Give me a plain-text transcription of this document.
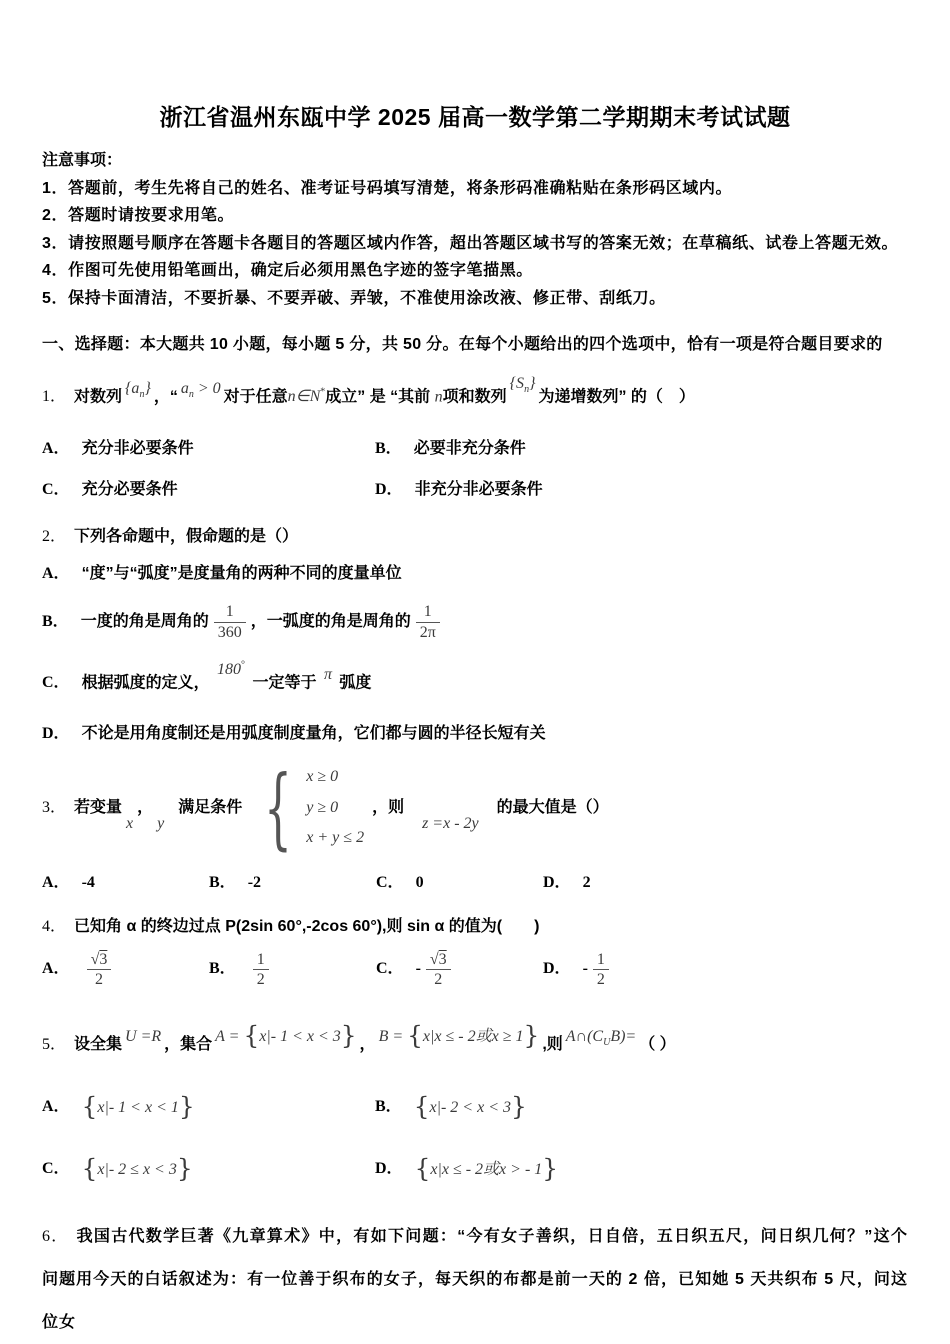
浙江省温州东瓯中学 2025 届高一数学第二学期期末考试试题
注意事项：
1．答题前，考生先将自己的姓名、准考证号码填写清楚，将条形码准确粘贴在条形码区域内。
2．答题时请按要求用笔。
3．请按照题号顺序在答题卡各题目的答题区域内作答，超出答题区域书写的答案无效；在草稿纸、试卷上答题无效。
4．作图可先使用铅笔画出，确定后必须用黑色字迹的签字笔描黑。
5．保持卡面清洁，不要折暴、不要弄破、弄皱，不准使用涂改液、修正带、刮纸刀。
一、选择题：本大题共 10 小题，每小题 5 分，共 50 分。在每个小题给出的四个选项中，恰有一项是符合题目要求的
1． 对数列 $\{a_n\}$ ，“ $a_n > 0$ 对于任意n∈N*成立” 是 “其前 n项和数列$\{S_n\}$为递增数列” 的（　）
A． 充分非必要条件	B． 必要非充分条件
C． 充分必要条件	D． 非充分非必要条件
2． 下列各命题中，假命题的是（）
A． “度”与“弧度”是度量角的两种不同的度量单位
B． 一度的角是周角的 $\frac{1}{360}$ ，一弧度的角是周角的 $\frac{1}{2\pi}$
C． 根据弧度的定义， 180° 一定等于 π 弧度
D． 不论是用角度制还是用弧度制度量角，它们都与圆的半径长短有关
3． 若变量
x
，
y
满足条件 { x ≥ 0
y ≥ 0
x + y ≤ 2
，则
z =x - 2y
的最大值是（）
A． -4	B． -2	C． 0	D． 2
4． 已知角 α 的终边过点 P(2sin 60°,-2cos 60°),则 sin α 的值为(　　)
A． $\frac{√3}{2}$	B． $\frac{1}{2}$	C． - $\frac{√3}{2}$	D． - $\frac{1}{2}$
5． 设全集 U =R ，集合 A = {x|- 1 < x < 3} ， B = {x|x ≤ - 2或x ≥ 1} ,则 $A\cap(C_UB)=$ （ ）
A． {x|- 1 < x < 1}	B． {x|- 2 < x < 3}
C． {x|- 2 ≤ x < 3}	D． {x|x ≤ - 2或x > - 1}
6． 我国古代数学巨著《九章算术》中，有如下问题：“今有女子善织，日自倍，五日织五尺，问日织几何？”这个问题用今天的白话叙述为：有一位善于织布的女子，每天织的布都是前一天的 2 倍，已知她 5 天共织布 5 尺，问这位女
